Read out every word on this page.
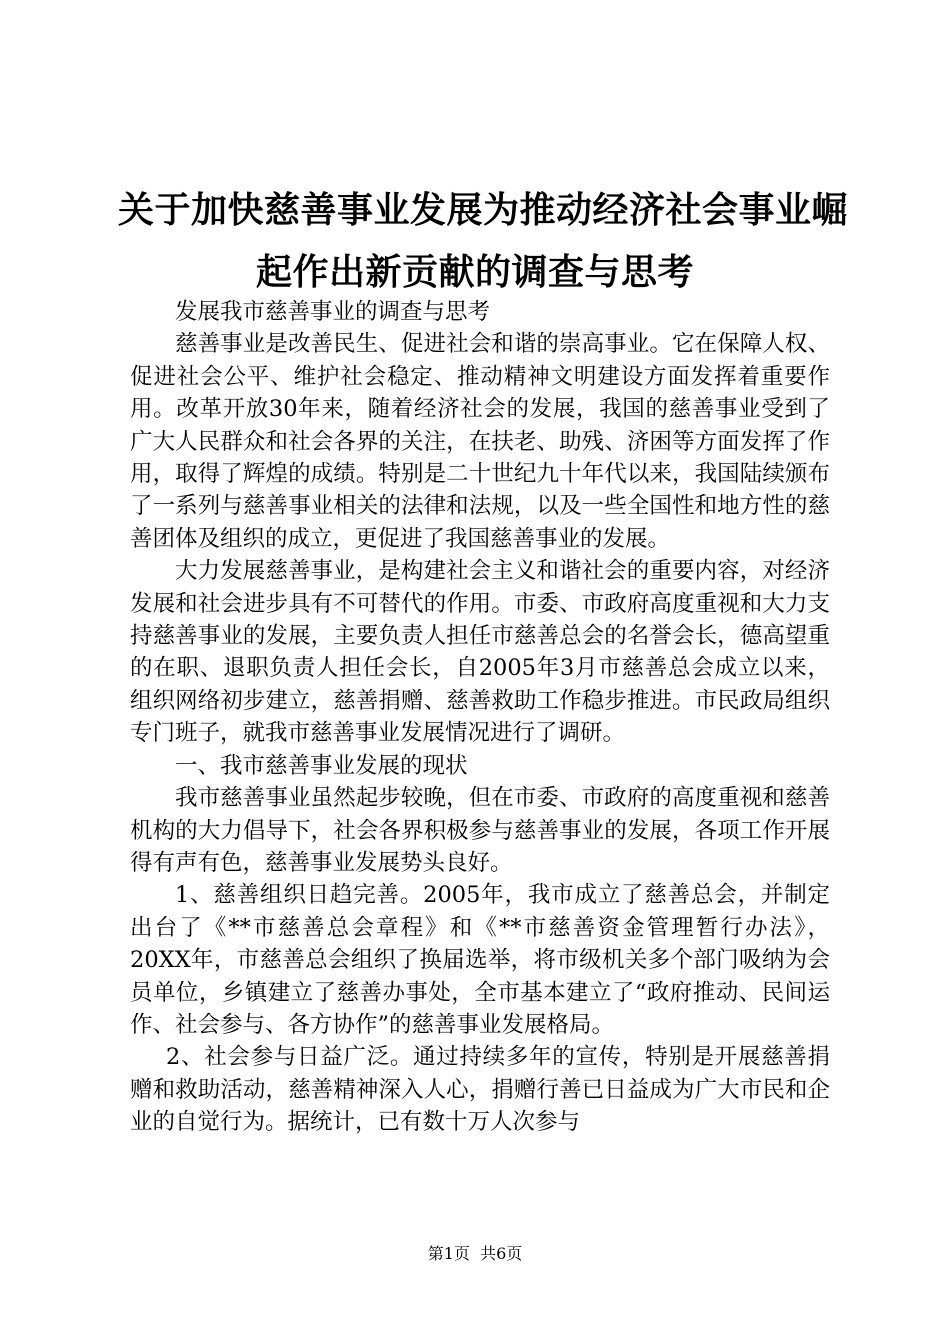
关于加快慈善事业发展为推动经济社会事业崛
起作出新贡献的调查与思考

发展我市慈善事业的调查与思考

慈善事业是改善民生、促进社会和谐的崇高事业。它在保障人权、促进社会公平、维护社会稳定、推动精神文明建设方面发挥着重要作用。改革开放30年来，随着经济社会的发展，我国的慈善事业受到了广大人民群众和社会各界的关注，在扶老、助残、济困等方面发挥了作用，取得了辉煌的成绩。特别是二十世纪九十年代以来，我国陆续颁布了一系列与慈善事业相关的法律和法规，以及一些全国性和地方性的慈善团体及组织的成立，更促进了我国慈善事业的发展。

大力发展慈善事业，是构建社会主义和谐社会的重要内容，对经济发展和社会进步具有不可替代的作用。市委、市政府高度重视和大力支持慈善事业的发展，主要负责人担任市慈善总会的名誉会长，德高望重的在职、退职负责人担任会长，自2005年3月市慈善总会成立以来，组织网络初步建立，慈善捐赠、慈善救助工作稳步推进。市民政局组织专门班子，就我市慈善事业发展情况进行了调研。

一、我市慈善事业发展的现状

我市慈善事业虽然起步较晚，但在市委、市政府的高度重视和慈善机构的大力倡导下，社会各界积极参与慈善事业的发展，各项工作开展得有声有色，慈善事业发展势头良好。

1、慈善组织日趋完善。2005年，我市成立了慈善总会，并制定出台了《**市慈善总会章程》和《**市慈善资金管理暂行办法》，20XX年，市慈善总会组织了换届选举，将市级机关多个部门吸纳为会员单位，乡镇建立了慈善办事处，全市基本建立了“政府推动、民间运作、社会参与、各方协作”的慈善事业发展格局。

2、社会参与日益广泛。通过持续多年的宣传，特别是开展慈善捐赠和救助活动，慈善精神深入人心，捐赠行善已日益成为广大市民和企业的自觉行为。据统计，已有数十万人次参与

第1页  共6页
